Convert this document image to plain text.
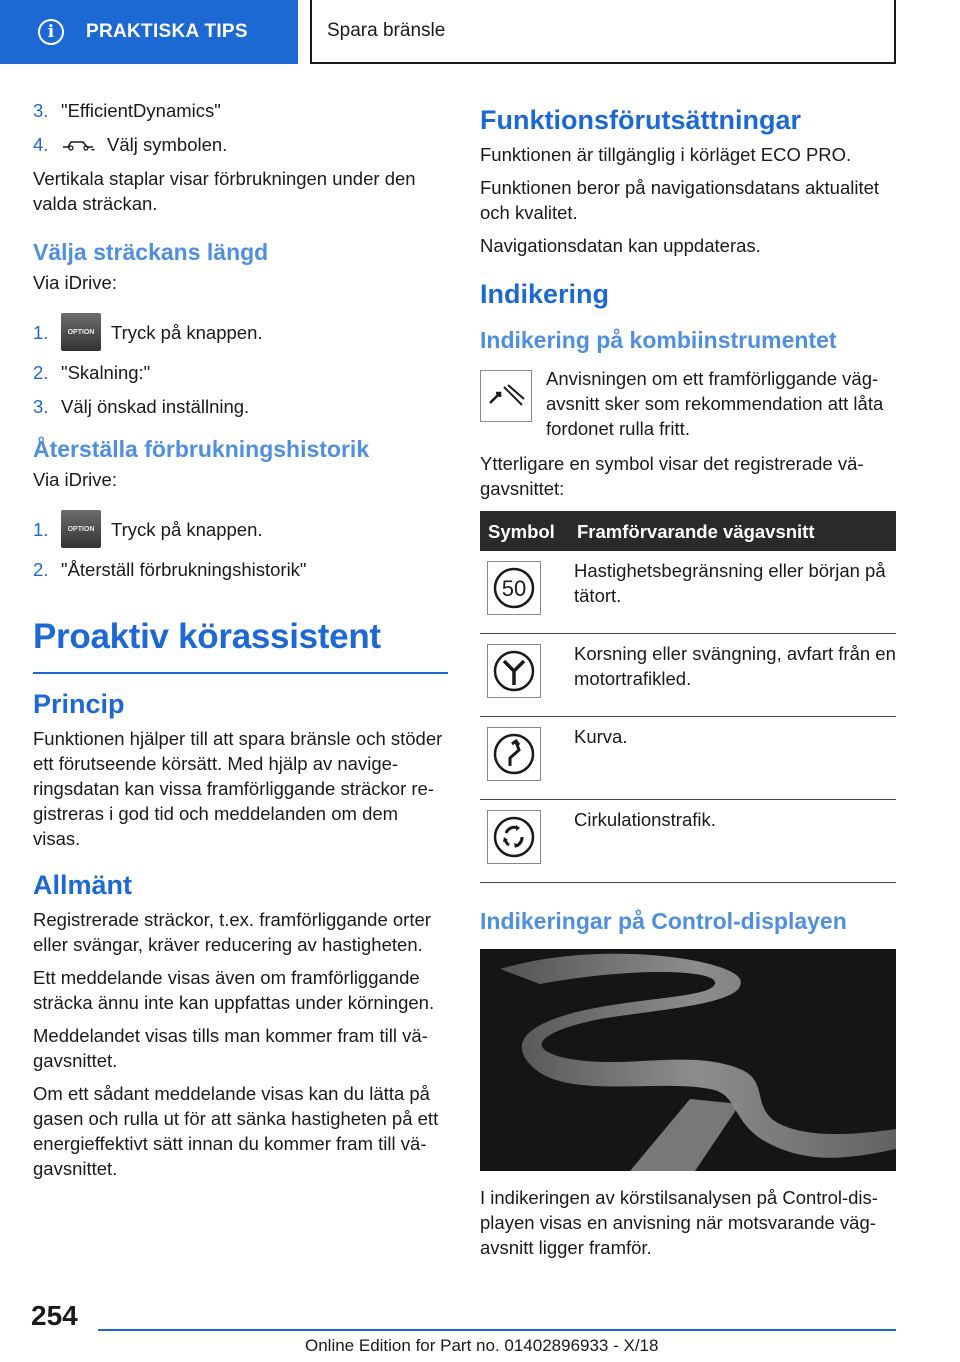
i PRAKTISKA TIPS	Spara bränsle
3. "EfficientDynamics"
4.	Välj symbolen.

Vertikala staplar visar förbrukningen under den valda sträckan.

Välja sträckans längd

Via iDrive:

1.	OPTION Tryck på knappen.
2. "Skalning:"
3. Välj önskad inställning.
Återställa förbrukningshistorik

Via iDrive:

1.	OPTION Tryck på knappen.
2. "Återställ förbrukningshistorik"
Proaktiv körassistent
Princip

Funktionen hjälper till att spara bränsle och stöder ett förutseende körsätt. Med hjälp av navigeringsdatan kan vissa framförliggande sträckor registreras i god tid och meddelanden om dem visas.

Allmänt

Registrerade sträckor, t.ex. framförliggande orter eller svängar, kräver reducering av hastigheten.

Ett meddelande visas även om framförliggande sträcka ännu inte kan uppfattas under körningen.

Meddelandet visas tills man kommer fram till vägavsnittet.

Om ett sådant meddelande visas kan du lätta på gasen och rulla ut för att sänka hastigheten på ett energieffektivt sätt innan du kommer fram till vägavsnittet.

Funktionsförutsättningar

Funktionen är tillgänglig i körläget ECO PRO.

Funktionen beror på navigationsdatans aktualitet och kvalitet.

Navigationsdatan kan uppdateras.

Indikering
Indikering på kombiinstrumentet
Anvisningen om ett framförliggande vägavsnitt sker som rekommendation att låta fordonet rulla fritt.

Ytterligare en symbol visar det registrerade vägavsnittet:

Symbol	Framförvarande vägavsnitt

50	Hastighetsbegränsning eller början på tätort.

	Korsning eller svängning, avfart från en motortrafikled.

	Kurva.

	Cirkulationstrafik.
Indikeringar på Control-displayen

I indikeringen av körstilsanalysen på Control-displayen visas en anvisning när motsvarande vägavsnitt ligger framför.

254
Online Edition for Part no. 01402896933 - X/18
